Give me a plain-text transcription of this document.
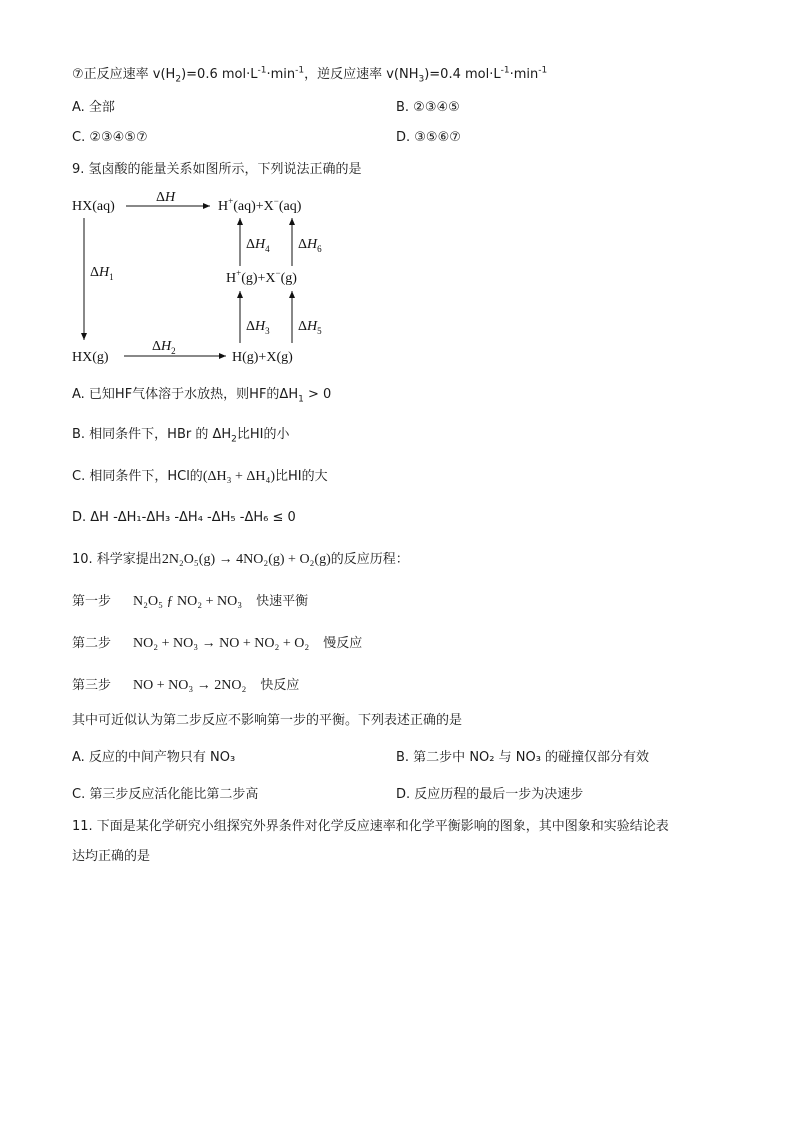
⑦正反应速率 $v(H_2)=0.6$ $mol\cdot L^{-1}\cdot\min^{-1}$，逆反应速率 $v(NH_3)=0.4$ $mol\cdot L^{-1}\cdot\min^{-1}$
A. 全部	B. ②③④⑤
C. ②③④⑤⑦	D. ③⑤⑥⑦
9. 氢卤酸的能量关系如图所示，下列说法正确的是
HX(aq)
ΔH
H+(aq)+X−(aq)
$\Delta H_1$
$\Delta H_4$ $\Delta H_6$
H+(g)+X−(g)
$\Delta H_3$ $\Delta H_5$
HX(g)
$\Delta H_2$	H(g)+X(g)
A. 已知HF气体溶于水放热，则HF的$\Delta H_1 > 0$
B. 相同条件下，HBr 的 $\Delta H_2$比HI的小
C. 相同条件下，HCl的(ΔH₃ + ΔH₄)比HI的大
D. ΔH -ΔH₁-ΔH₃ -ΔH₄ -ΔH₅ -ΔH₆ ≤ 0
10. 科学家提出2N₂O₅(g) → 4NO₂(g) + O₂(g)的反应历程：
第一步 N₂O₅ ƒ NO₂ + NO₃ 快速平衡
第二步 NO₂ + NO₃ → NO + NO₂ + O₂ 慢反应
第三步 NO + NO₃ → 2NO₂ 快反应
其中可近似认为第二步反应不影响第一步的平衡。下列表述正确的是
A. 反应的中间产物只有 NO₃	B. 第二步中 NO₂ 与 NO₃ 的碰撞仅部分有效
C. 第三步反应活化能比第二步高	D. 反应历程的最后一步为决速步
11. 下面是某化学研究小组探究外界条件对化学反应速率和化学平衡影响的图象，其中图象和实验结论表
达均正确的是
